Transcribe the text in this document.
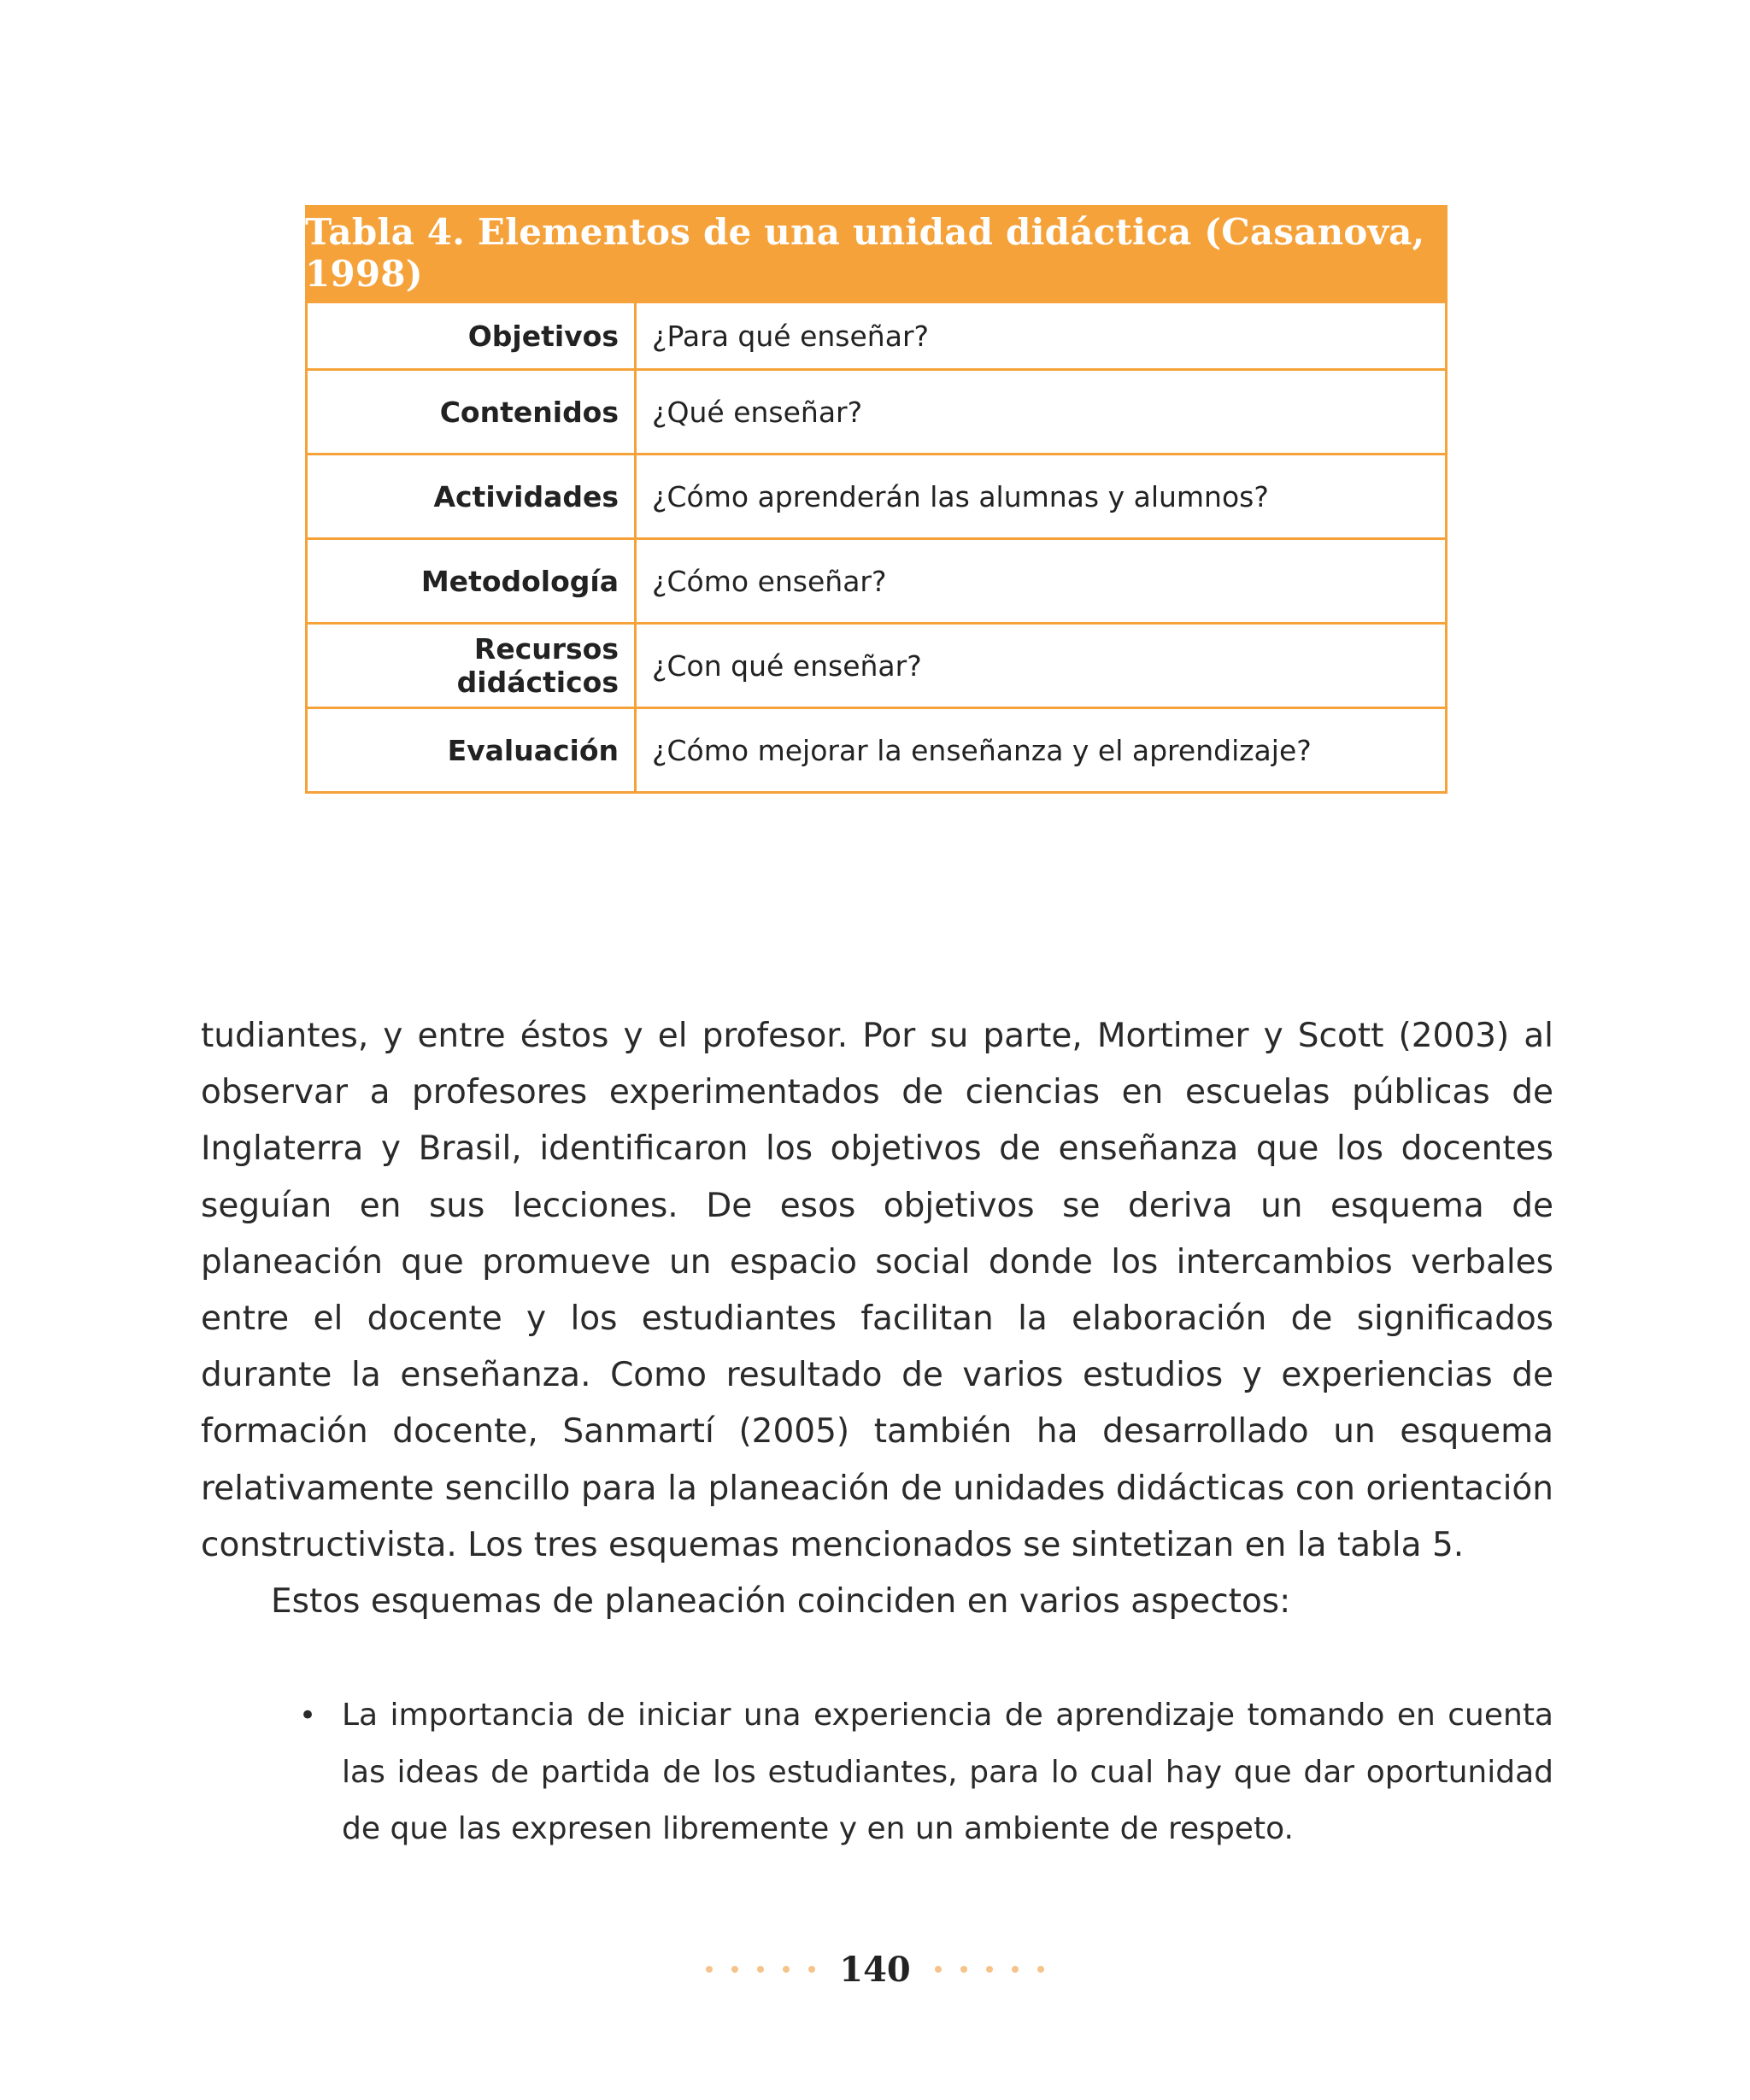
Tabla 4. Elementos de una unidad didáctica (Casanova, 1998)
Objetivos	¿Para qué enseñar?
Contenidos	¿Qué enseñar?
Actividades	¿Cómo aprenderán las alumnas y alumnos?
Metodología	¿Cómo enseñar?
Recursos didácticos	¿Con qué enseñar?
Evaluación	¿Cómo mejorar la enseñanza y el aprendizaje?

tudiantes, y entre éstos y el profesor. Por su parte, Mortimer y Scott (2003) al observar a profesores experimentados de ciencias en escuelas públicas de Inglaterra y Brasil, identificaron los objetivos de enseñanza que los docentes seguían en sus lecciones. De esos objetivos se deriva un esquema de planeación que promueve un espacio social donde los intercambios verbales entre el docente y los estudiantes facilitan la elaboración de significados durante la enseñanza. Como resultado de varios estudios y experiencias de formación docente, Sanmartí (2005) también ha desarrollado un esquema relativamente sencillo para la planeación de unidades didácticas con orientación constructivista. Los tres esquemas mencionados se sintetizan en la tabla 5.

Estos esquemas de planeación coinciden en varios aspectos:

• La importancia de iniciar una experiencia de aprendizaje tomando en cuenta las ideas de partida de los estudiantes, para lo cual hay que dar oportunidad de que las expresen libremente y en un ambiente de respeto.
140
